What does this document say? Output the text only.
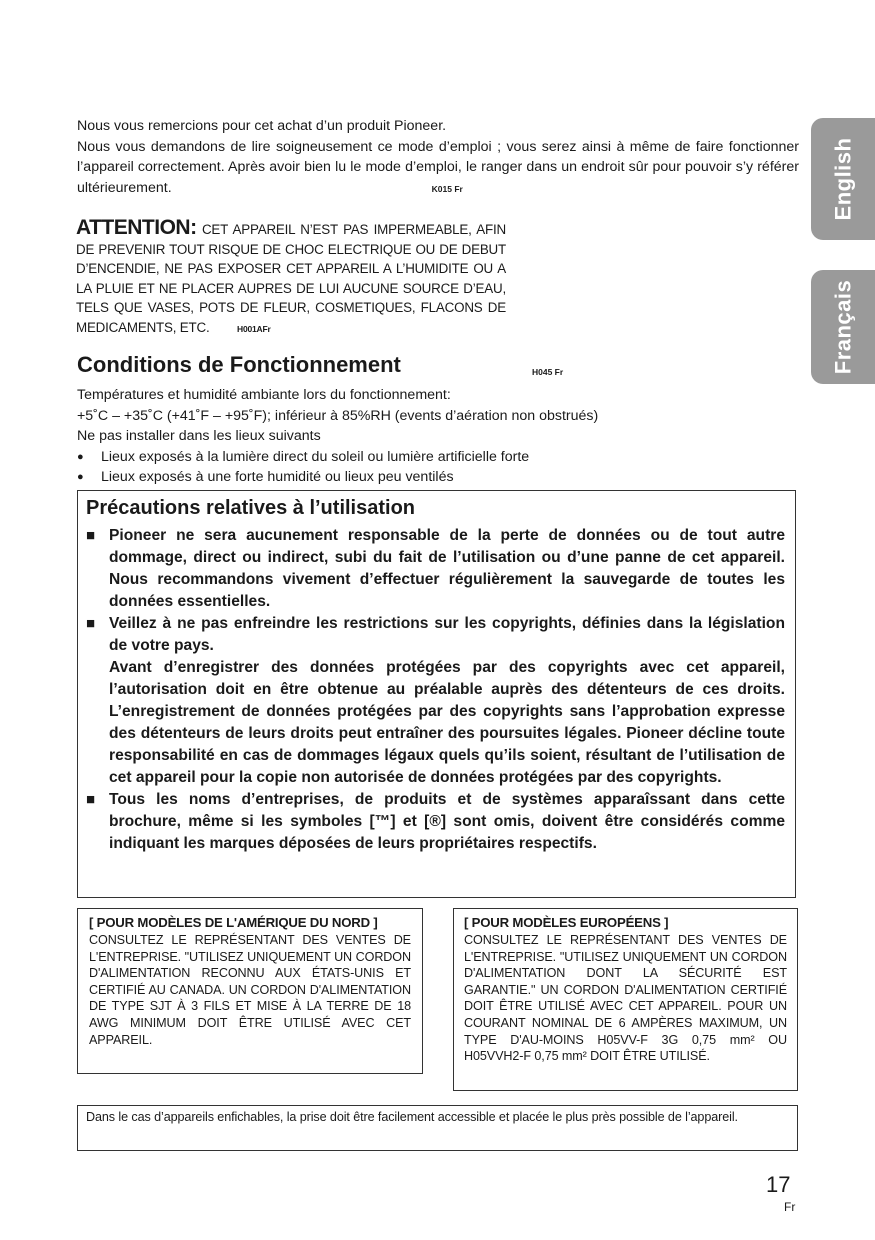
English
Français

Nous vous remercions pour cet achat d’un produit Pioneer.

Nous vous demandons de lire soigneusement ce mode d’emploi ; vous serez ainsi à même de faire fonctionner l’appareil correctement. Après avoir bien lu le mode d’emploi, le ranger dans un endroit sûr pour pouvoir s’y référer ultérieurement.	K015 Fr

ATTENTION: CET APPAREIL N’EST PAS IMPERMEABLE, AFIN DE PREVENIR TOUT RISQUE DE CHOC ELECTRIQUE OU DE DEBUT D’ENCENDIE, NE PAS EXPOSER CET APPAREIL A L’HUMIDITE OU A LA PLUIE ET NE PLACER AUPRES DE LUI AUCUNE SOURCE D’EAU, TELS QUE VASES, POTS DE FLEUR, COSMETIQUES, FLACONS DE MEDICAMENTS, ETC.	H001AFr

Conditions de Fonctionnement	H045 Fr

Températures et humidité ambiante lors du fonctionnement:

+5˚C – +35˚C (+41˚F – +95˚F); inférieur à 85%RH (events d’aération non obstrués)

Ne pas installer dans les lieux suivants

● Lieux exposés à la lumière direct du soleil ou lumière artificielle forte
● Lieux exposés à une forte humidité ou lieux peu ventilés
Précautions relatives à l’utilisation

■ Pioneer ne sera aucunement responsable de la perte de données ou de tout autre dommage, direct ou indirect, subi du fait de l’utilisation ou d’une panne de cet appareil. Nous recommandons vivement d’effectuer régulièrement la sauvegarde de toutes les données essentielles.

■ Veillez à ne pas enfreindre les restrictions sur les copyrights, définies dans la législation de votre pays.

Avant d’enregistrer des données protégées par des copyrights avec cet appareil, l’autorisation doit en être obtenue au préalable auprès des détenteurs de ces droits. L’enregistrement de données protégées par des copyrights sans l’approbation expresse des détenteurs de leurs droits peut entraîner des poursuites légales. Pioneer décline toute responsabilité en cas de dommages légaux quels qu’ils soient, résultant de l’utilisation de cet appareil pour la copie non autorisée de données protégées par des copyrights.

■ Tous les noms d’entreprises, de produits et de systèmes apparaîssant dans cette brochure, même si les symboles [™] et [®] sont omis, doivent être considérés comme indiquant les marques déposées de leurs propriétaires respectifs.

[ POUR MODÈLES DE L'AMÉRIQUE DU NORD ]

CONSULTEZ LE REPRÉSENTANT DES VENTES DE L'ENTREPRISE. "UTILISEZ UNIQUEMENT UN CORDON D'ALIMENTATION RECONNU AUX ÉTATS-UNIS ET CERTIFIÉ AU CANADA. UN CORDON D'ALIMENTATION DE TYPE SJT À 3 FILS ET MISE À LA TERRE DE 18 AWG MINIMUM DOIT ÊTRE UTILISÉ AVEC CET APPAREIL.

[ POUR MODÈLES EUROPÉENS ]

CONSULTEZ LE REPRÉSENTANT DES VENTES DE L'ENTREPRISE. "UTILISEZ UNIQUEMENT UN CORDON D'ALIMENTATION DONT LA SÉCURITÉ EST GARANTIE." UN CORDON D'ALIMENTATION CERTIFIÉ DOIT ÊTRE UTILISÉ AVEC CET APPAREIL. POUR UN COURANT NOMINAL DE 6 AMPÈRES MAXIMUM, UN TYPE D'AU-MOINS H05VV-F 3G 0,75 mm² OU H05VVH2-F 0,75 mm² DOIT ÊTRE UTILISÉ.

Dans le cas d’appareils enfichables, la prise doit être facilement accessible et placée le plus près possible de l’appareil.

17
Fr
